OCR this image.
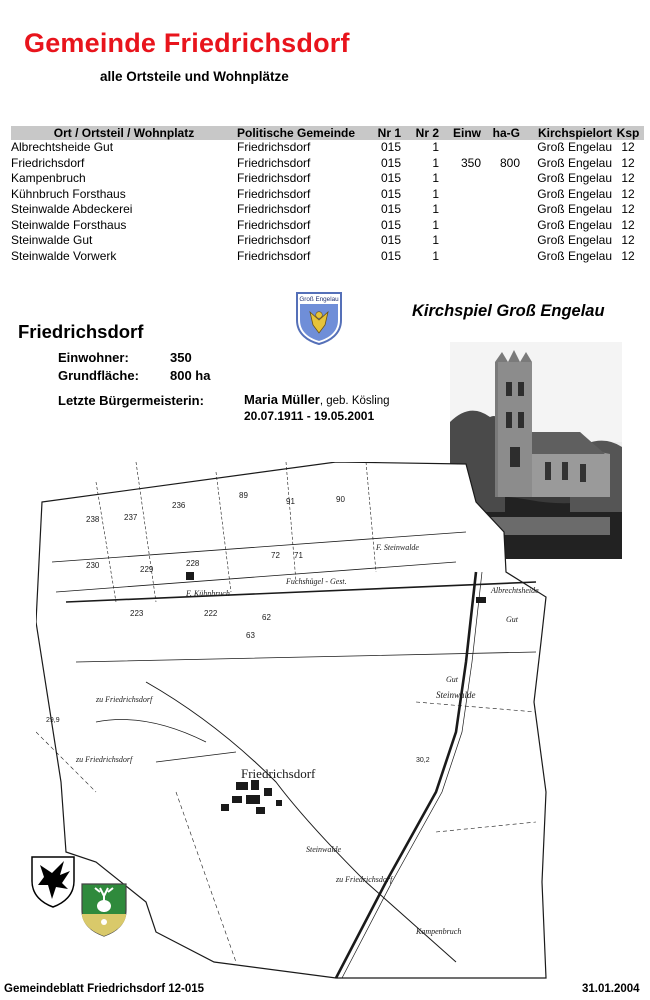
Gemeinde Friedrichsdorf
alle Ortsteile und Wohnplätze
Ort / Ortsteil / Wohnplatz	Politische Gemeinde	Nr 1	Nr 2	Einw	ha-G	Kirchspielort	Ksp
Albrechtsheide Gut	Friedrichsdorf	015	1			Groß Engelau	12
Friedrichsdorf	Friedrichsdorf	015	1	350	800	Groß Engelau	12
Kampenbruch	Friedrichsdorf	015	1			Groß Engelau	12
Kühnbruch Forsthaus	Friedrichsdorf	015	1			Groß Engelau	12
Steinwalde Abdeckerei	Friedrichsdorf	015	1			Groß Engelau	12
Steinwalde Forsthaus	Friedrichsdorf	015	1			Groß Engelau	12
Steinwalde Gut	Friedrichsdorf	015	1			Groß Engelau	12
Steinwalde Vorwerk	Friedrichsdorf	015	1			Groß Engelau	12
Groß Engelau
Kirchspiel Groß Engelau
Friedrichsdorf
Einwohner:	350
Grundfläche: 800 ha
Letzte Bürgermeisterin:	Maria Müller, geb. Kösling
20.07.1911 - 19.05.2001
Friedrichsdorf
Steinwalde
Steinwalde
Albrechtsheide
F. Kühnbruch
Fuchshügel - Gest.
F. Steinwalde
zu Friedrichsdorf
zu Friedrichsdorf
zu Friedrichsdorf
Kampenbruch
Gut
Gut
237
236
238
229
230	228
222
223
91	90
89
72 71
62
63
29,9
30,2
Gemeindeblatt Friedrichsdorf 12-015	31.01.2004
